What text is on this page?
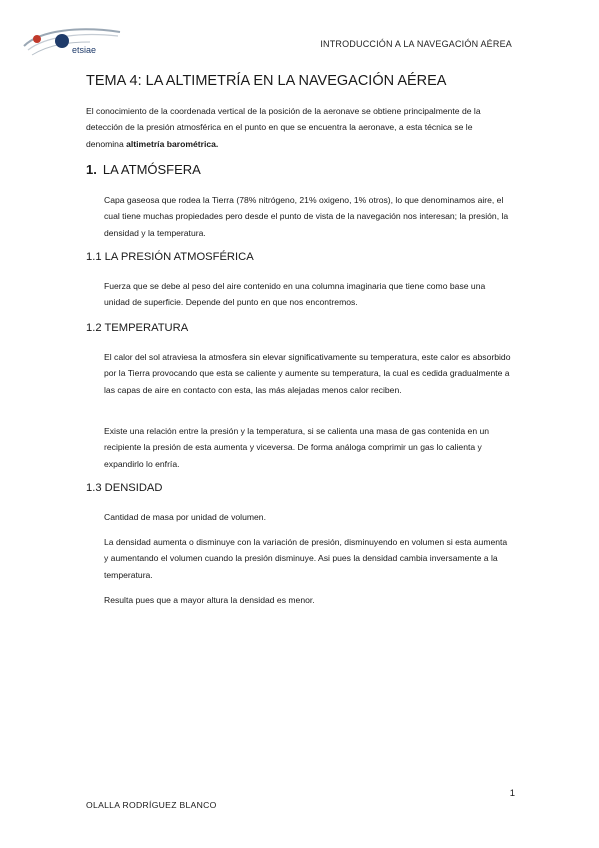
etsiae
INTRODUCCIÓN A LA NAVEGACIÓN AÉREA
TEMA 4: LA ALTIMETRÍA EN LA NAVEGACIÓN AÉREA
El conocimiento de la coordenada vertical de la posición de la aeronave se obtiene principalmente de la detección de la presión atmosférica en el punto en que se encuentra la aeronave, a esta técnica se le denomina altimetría barométrica.
1. LA ATMÓSFERA
Capa gaseosa que rodea la Tierra (78% nitrógeno, 21% oxigeno, 1% otros), lo que denominamos aire, el cual tiene muchas propiedades pero desde el punto de vista de la navegación nos interesan; la presión, la densidad y la temperatura.
1.1 LA PRESIÓN ATMOSFÉRICA
Fuerza que se debe al peso del aire contenido en una columna imaginaria que tiene como base una unidad de superficie. Depende del punto en que nos encontremos.
1.2 TEMPERATURA
El calor del sol atraviesa la atmosfera sin elevar significativamente su temperatura, este calor es absorbido por la Tierra provocando que esta se caliente y aumente su temperatura, la cual es cedida gradualmente a las capas de aire en contacto con esta, las más alejadas menos calor reciben.
Existe una relación entre la presión y la temperatura, si se calienta una masa de gas contenida en un recipiente la presión de esta aumenta y viceversa. De forma análoga comprimir un gas lo calienta y expandirlo lo enfría.
1.3 DENSIDAD
Cantidad de masa por unidad de volumen.
La densidad aumenta o disminuye con la variación de presión, disminuyendo en volumen si esta aumenta y aumentando el volumen cuando la presión disminuye. Asi pues la densidad cambia inversamente a la temperatura.
Resulta pues que a mayor altura la densidad es menor.
1
OLALLA RODRÍGUEZ BLANCO
